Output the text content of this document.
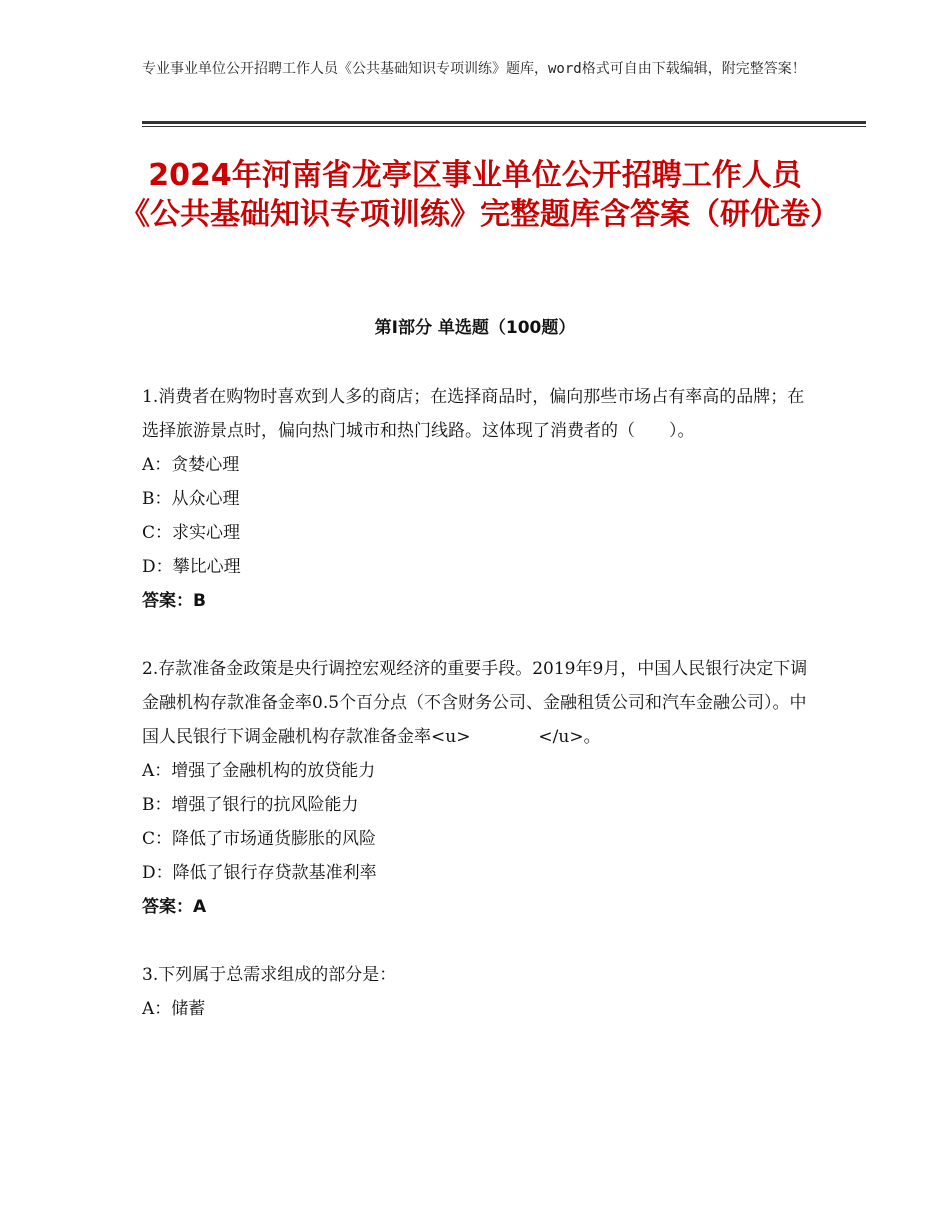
专业事业单位公开招聘工作人员《公共基础知识专项训练》题库，word格式可自由下载编辑，附完整答案！
2024年河南省龙亭区事业单位公开招聘工作人员《公共基础知识专项训练》完整题库含答案（研优卷）
第Ⅰ部分 单选题（100题）

1.消费者在购物时喜欢到人多的商店；在选择商品时，偏向那些市场占有率高的品牌；在选择旅游景点时，偏向热门城市和热门线路。这体现了消费者的（　　）。

A：贪婪心理

B：从众心理

C：求实心理

D：攀比心理

答案：B

2.存款准备金政策是央行调控宏观经济的重要手段。2019年9月，中国人民银行决定下调金融机构存款准备金率0.5个百分点（不含财务公司、金融租赁公司和汽车金融公司）。中国人民银行下调金融机构存款准备金率<u>　　　　</u>。

A：增强了金融机构的放贷能力

B：增强了银行的抗风险能力

C：降低了市场通货膨胀的风险

D：降低了银行存贷款基准利率

答案：A

3.下列属于总需求组成的部分是：

A：储蓄
